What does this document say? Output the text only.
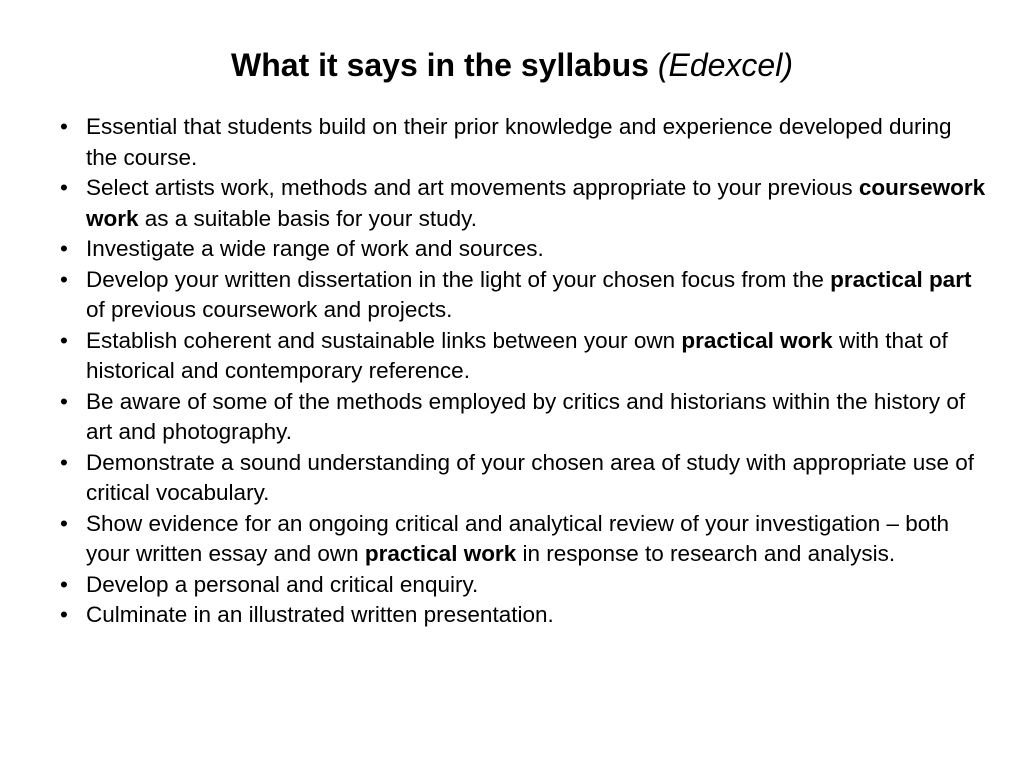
What it says in the syllabus (Edexcel)
• Essential that students build on their prior knowledge and experience developed during the course.
• Select artists work, methods and art movements appropriate to your previous coursework work as a suitable basis for your study.
• Investigate a wide range of work and sources.
• Develop your written dissertation in the light of your chosen focus from the practical part of previous coursework and projects.
• Establish coherent and sustainable links between your own practical work with that of historical and contemporary reference.
• Be aware of some of the methods employed by critics and historians within the history of art and photography.
• Demonstrate a sound understanding of your chosen area of study with appropriate use of critical vocabulary.
• Show evidence for an ongoing critical and analytical review of your investigation – both your written essay and own practical work in response to research and analysis.
• Develop a personal and critical enquiry.
• Culminate in an illustrated written presentation.
